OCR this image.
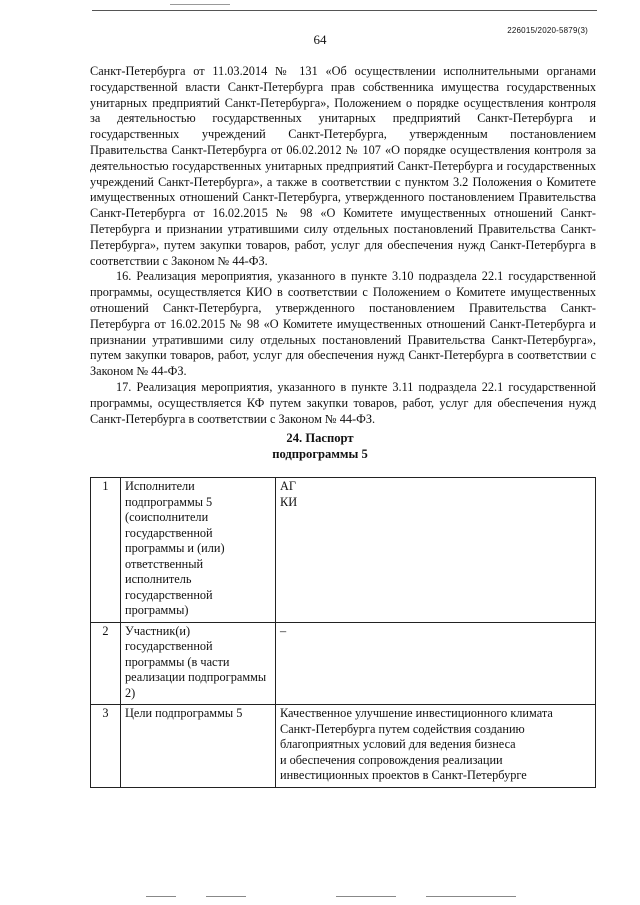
226015/2020-5879(3)
64

Санкт-Петербурга от 11.03.2014 № 131 «Об осуществлении исполнительными органами государственной власти Санкт-Петербурга прав собственника имущества государственных унитарных предприятий Санкт-Петербурга», Положением о порядке осуществления контроля за деятельностью государственных унитарных предприятий Санкт-Петербурга и государственных учреждений Санкт-Петербурга, утвержденным постановлением Правительства Санкт-Петербурга от 06.02.2012 № 107 «О порядке осуществления контроля за деятельностью государственных унитарных предприятий Санкт-Петербурга и государственных учреждений Санкт-Петербурга», а также в соответствии с пунктом 3.2 Положения о Комитете имущественных отношений Санкт-Петербурга, утвержденного постановлением Правительства Санкт-Петербурга от 16.02.2015 № 98 «О Комитете имущественных отношений Санкт-Петербурга и признании утратившими силу отдельных постановлений Правительства Санкт-Петербурга», путем закупки товаров, работ, услуг для обеспечения нужд Санкт-Петербурга в соответствии с Законом № 44-ФЗ.

16. Реализация мероприятия, указанного в пункте 3.10 подраздела 22.1 государственной программы, осуществляется КИО в соответствии с Положением о Комитете имущественных отношений Санкт-Петербурга, утвержденного постановлением Правительства Санкт-Петербурга от 16.02.2015 № 98 «О Комитете имущественных отношений Санкт-Петербурга и признании утратившими силу отдельных постановлений Правительства Санкт-Петербурга», путем закупки товаров, работ, услуг для обеспечения нужд Санкт-Петербурга в соответствии с Законом № 44-ФЗ.

17. Реализация мероприятия, указанного в пункте 3.11 подраздела 22.1 государственной программы, осуществляется КФ путем закупки товаров, работ, услуг для обеспечения нужд Санкт-Петербурга в соответствии с Законом № 44-ФЗ.

24. Паспорт
подпрограммы 5
1	Исполнители подпрограммы 5 (соисполнители государственной программы и (или) ответственный исполнитель государственной программы)	АГ
КИ

2	Участник(и) государственной программы (в части реализации подпрограммы 2)	–

3	Цели подпрограммы 5	Качественное улучшение инвестиционного климата
Санкт-Петербурга путем содействия созданию
благоприятных условий для ведения бизнеса
и обеспечения сопровождения реализации
инвестиционных проектов в Санкт-Петербурге
